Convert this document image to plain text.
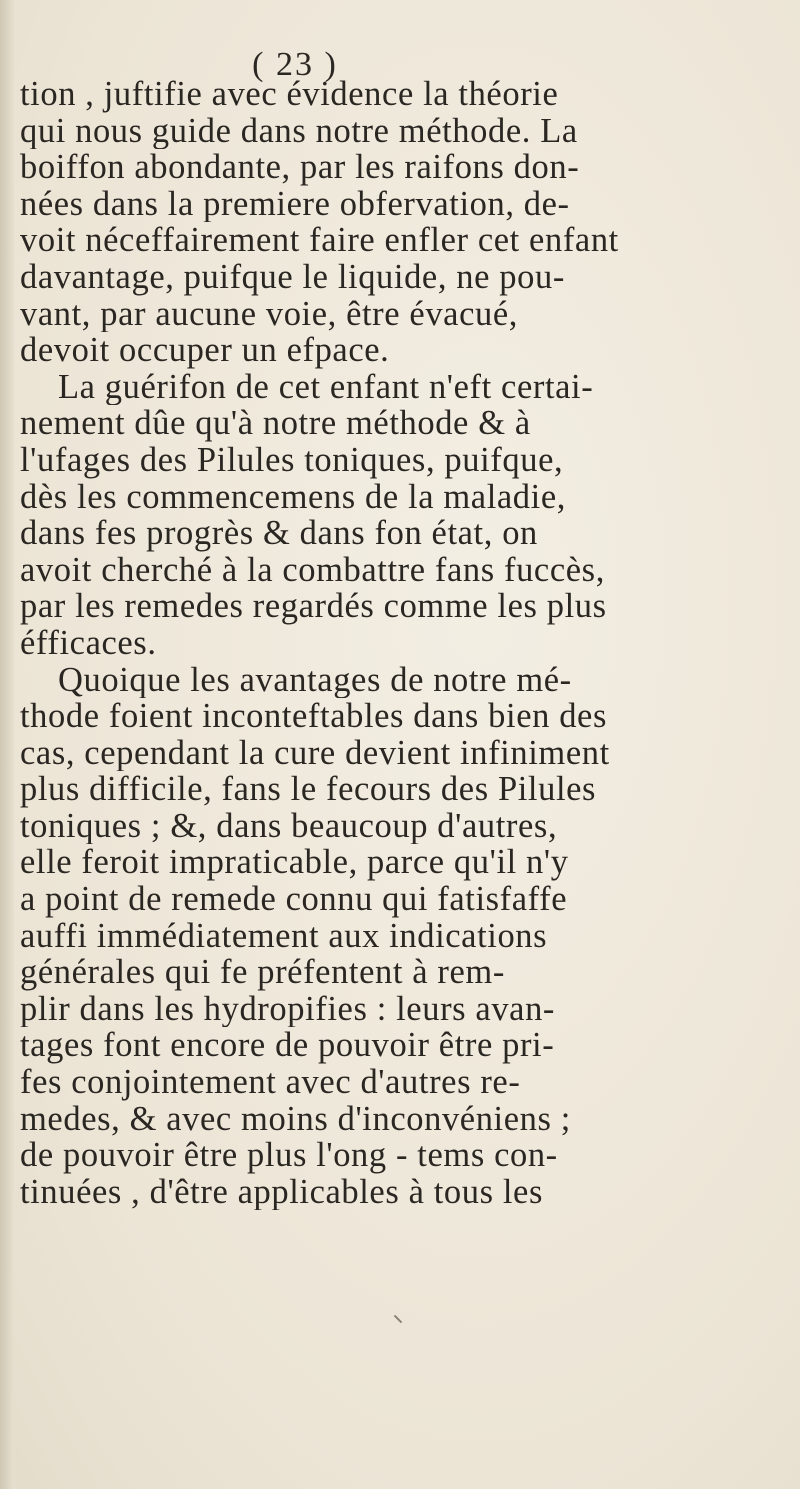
( 23 )
tion , juftifie avec évidence la théorie
qui nous guide dans notre méthode. La
boiffon abondante, par les raifons don-
nées dans la premiere obfervation, de-
voit néceffairement faire enfler cet enfant
davantage, puifque le liquide, ne pou-
vant, par aucune voie, être évacué,
devoit occuper un efpace.
La guérifon de cet enfant n'eft certai-
nement dûe qu'à notre méthode & à
l'ufages des Pilules toniques, puifque,
dès les commencemens de la maladie,
dans fes progrès & dans fon état, on
avoit cherché à la combattre fans fuccès,
par les remedes regardés comme les plus
éfficaces.
Quoique les avantages de notre mé-
thode foient inconteftables dans bien des
cas, cependant la cure devient infiniment
plus difficile, fans le fecours des Pilules
toniques ; &, dans beaucoup d'autres,
elle feroit impraticable, parce qu'il n'y
a point de remede connu qui fatisfaffe
auffi immédiatement aux indications
générales qui fe préfentent à rem-
plir dans les hydropifies : leurs avan-
tages font encore de pouvoir être pri-
fes conjointement avec d'autres re-
medes, & avec moins d'inconvéniens ;
de pouvoir être plus l'ong - tems con-
tinuées , d'être applicables à tous les
